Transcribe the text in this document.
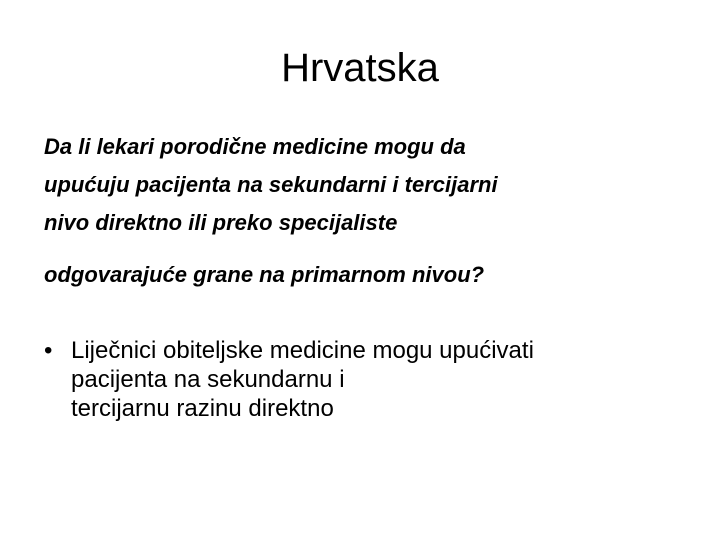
Hrvatska
Da li lekari porodične medicine mogu da
upućuju pacijenta na sekundarni i tercijarni
nivo direktno ili preko specijaliste
odgovarajuće grane na primarnom nivou?
• Liječnici obiteljske medicine mogu upućivati
pacijenta na sekundarnu i
tercijarnu razinu direktno
